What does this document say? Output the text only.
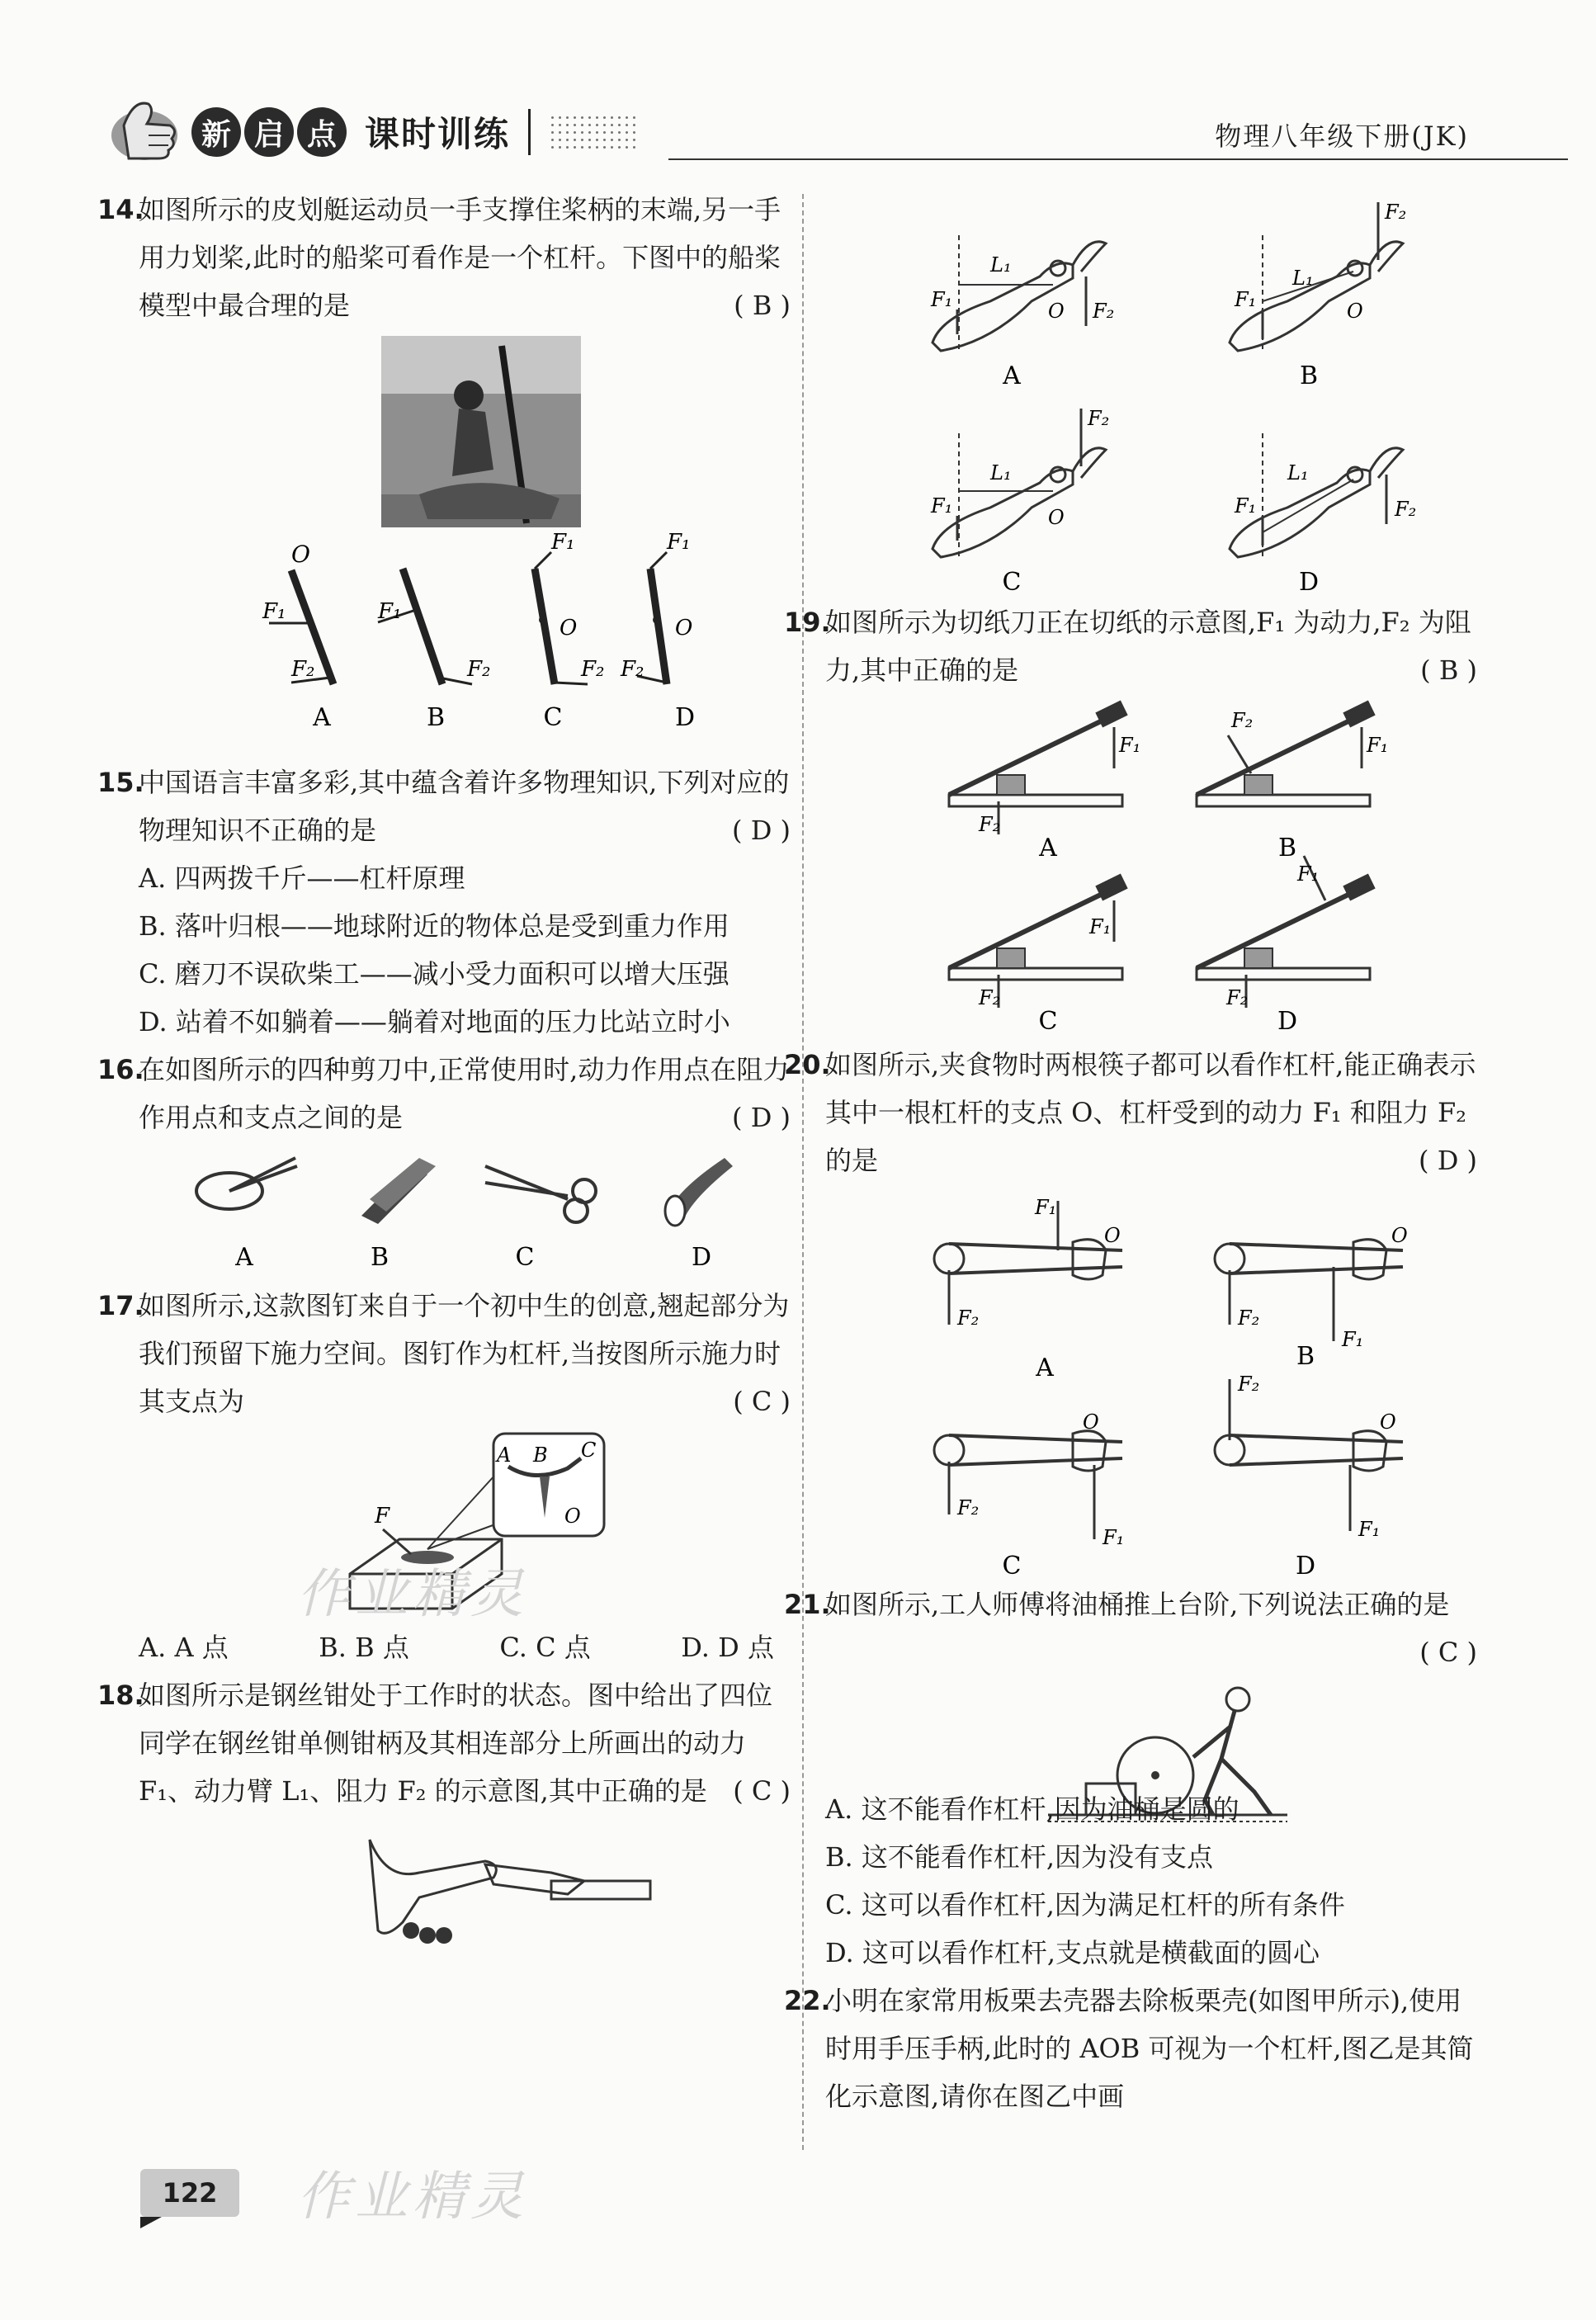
新 启 点 课时训练	物理八年级下册(JK)
14.

如图所示的皮划艇运动员一手支撑住桨柄的末端,另一手用力划桨,此时的船桨可看作是一个杠杆。下图中的船桨模型中最合理的是	( B )

O
F₁
F₂
A
F₁
F₂
B
F₁
O
F₂
C
F₁
O
F₂
D
15.

中国语言丰富多彩,其中蕴含着许多物理知识,下列对应的物理知识不正确的是	( D )

A. 四两拨千斤——杠杆原理

B. 落叶归根——地球附近的物体总是受到重力作用

C. 磨刀不误砍柴工——减小受力面积可以增大压强

D. 站着不如躺着——躺着对地面的压力比站立时小

16.

在如图所示的四种剪刀中,正常使用时,动力作用点在阻力作用点和支点之间的是	( D )

A	B	C	D
17.

如图所示,这款图钉来自于一个初中生的创意,翘起部分为我们预留下施力空间。图钉作为杠杆,当按图所示施力时其支点为	( C )

F
A B C
O
A. A 点	B. B 点	C. C 点	D. D 点
18.

如图所示是钢丝钳处于工作时的状态。图中给出了四位同学在钢丝钳单侧钳柄及其相连部分上所画出的动力 F₁、动力臂 L₁、阻力 F₂ 的示意图,其中正确的是 ( C )

L₁
F₁	F₂
O
A
L₁
F₁
F₂
O
B
L₁
F₁
F₂
O
C
L₁
F₁	F₂
D
19.

如图所示为切纸刀正在切纸的示意图,F₁ 为动力,F₂ 为阻力,其中正确的是	( B )

F₁
F₂
A
F₁
F₂
B
F₁
F₂
C
F₁
F₂
D
20.

如图所示,夹食物时两根筷子都可以看作杠杆,能正确表示其中一根杠杆的支点 O、杠杆受到的动力 F₁ 和阻力 F₂ 的是	( D )

F₁
F₂
O
A
F₂
F₁
O
B
F₂
F₁
O
C
F₂
F₁
O
D
21.

如图所示,工人师傅将油桶推上台阶,下列说法正确的是
( C )

A. 这不能看作杠杆,因为油桶是圆的

B. 这不能看作杠杆,因为没有支点

C. 这可以看作杠杆,因为满足杠杆的所有条件

D. 这可以看作杠杆,支点就是横截面的圆心

22.

小明在家常用板栗去壳器去除板栗壳(如图甲所示),使用时用手压手柄,此时的 AOB 可视为一个杠杆,图乙是其简化示意图,请你在图乙中画

作业精灵
作业精灵
122
